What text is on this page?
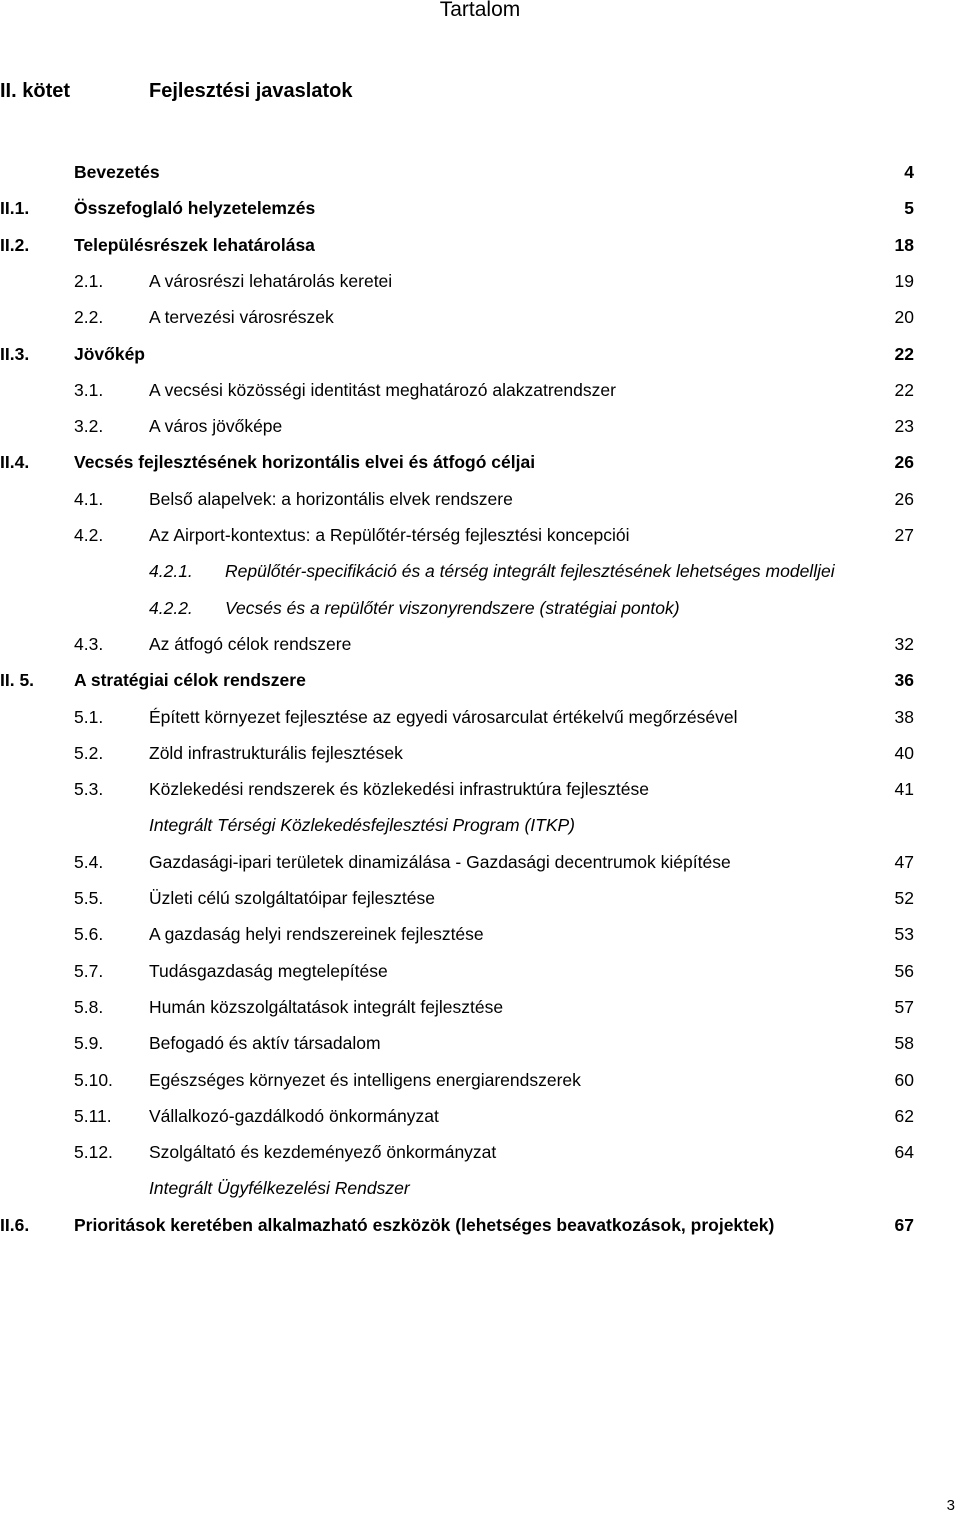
Tartalom
II. kötet	Fejlesztési javaslatok
Bevezetés	4
II.1.	Összefoglaló helyzetelemzés	5
II.2.	Településrészek lehatárolása	18
2.1.	A városrészi lehatárolás keretei	19
2.2.	A tervezési városrészek	20
II.3.	Jövőkép	22
3.1.	A vecsési közösségi identitást meghatározó alakzatrendszer	22
3.2.	A város jövőképe	23
II.4.	Vecsés fejlesztésének horizontális elvei és átfogó céljai	26
4.1.	Belső alapelvek: a horizontális elvek rendszere	26
4.2.	Az Airport-kontextus: a Repülőtér-térség fejlesztési koncepciói	27
4.2.1. Repülőtér-specifikáció és a térség integrált fejlesztésének lehetséges modelljei
4.2.2. Vecsés és a repülőtér viszonyrendszere (stratégiai pontok)
4.3.	Az átfogó célok rendszere	32
II. 5. A stratégiai célok rendszere	36
5.1.	Épített környezet fejlesztése az egyedi városarculat értékelvű megőrzésével	38
5.2.	Zöld infrastrukturális fejlesztések	40
5.3.	Közlekedési rendszerek és közlekedési infrastruktúra fejlesztése	41
Integrált Térségi Közlekedésfejlesztési Program (ITKP)
5.4.	Gazdasági-ipari területek dinamizálása - Gazdasági decentrumok kiépítése	47
5.5.	Üzleti célú szolgáltatóipar fejlesztése	52
5.6.	A gazdaság helyi rendszereinek fejlesztése	53
5.7.	Tudásgazdaság megtelepítése	56
5.8.	Humán közszolgáltatások integrált fejlesztése	57
5.9.	Befogadó és aktív társadalom	58
5.10. Egészséges környezet és intelligens energiarendszerek	60
5.11. Vállalkozó-gazdálkodó önkormányzat	62
5.12. Szolgáltató és kezdeményező önkormányzat	64
Integrált Ügyfélkezelési Rendszer
II.6.	Prioritások keretében alkalmazható eszközök (lehetséges beavatkozások, projektek)	67
3
